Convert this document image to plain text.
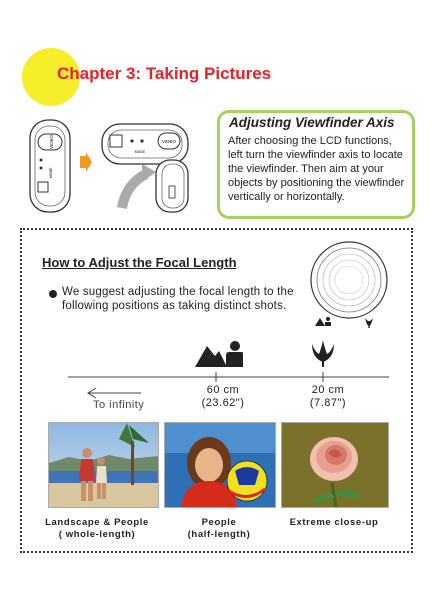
Chapter 3: Taking Pictures
VIDEO
MODE
VIDEO
MODE
Adjusting Viewfinder Axis
After choosing the LCD functions,
left turn the viewfinder axis to locate
the viewfinder. Then aim at your
objects by positioning the viewfinder
vertically or horizontally.
How to Adjust the Focal Length
We suggest adjusting the focal length to the following positions as taking distinct shots.
60 cm
(23.62")
20 cm
(7.87")
To infinity
Landscape & People
( whole-length)
People
(half-length)
Extreme close-up
